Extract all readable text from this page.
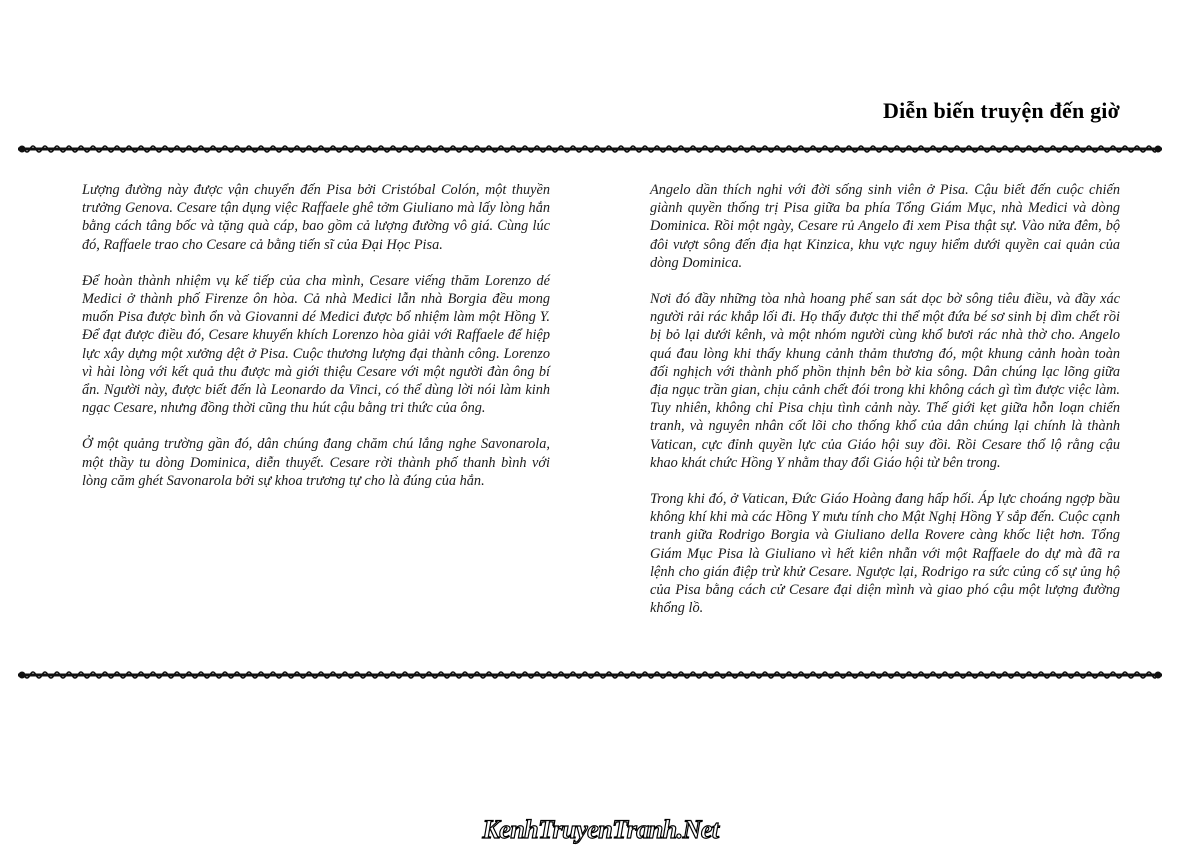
Diễn biến truyện đến giờ

Lượng đường này được vận chuyển đến Pisa bởi Cristóbal Colón, một thuyền trưởng Genova. Cesare tận dụng việc Raffaele ghê tởm Giuliano mà lấy lòng hắn bằng cách tâng bốc và tặng quà cáp, bao gồm cả lượng đường vô giá. Cùng lúc đó, Raffaele trao cho Cesare cả bằng tiến sĩ của Đại Học Pisa.

Để hoàn thành nhiệm vụ kế tiếp của cha mình, Cesare viếng thăm Lorenzo dé Medici ở thành phố Firenze ôn hòa. Cả nhà Medici lẫn nhà Borgia đều mong muốn Pisa được bình ổn và Giovanni dé Medici được bổ nhiệm làm một Hồng Y. Để đạt được điều đó, Cesare khuyến khích Lorenzo hòa giải với Raffaele để hiệp lực xây dựng một xưởng dệt ở Pisa. Cuộc thương lượng đại thành công. Lorenzo vì hài lòng với kết quả thu được mà giới thiệu Cesare với một người đàn ông bí ẩn. Người này, được biết đến là Leonardo da Vinci, có thể dùng lời nói làm kinh ngạc Cesare, nhưng đồng thời cũng thu hút cậu bằng tri thức của ông.

Ở một quảng trường gần đó, dân chúng đang chăm chú lắng nghe Savonarola, một thầy tu dòng Dominica, diễn thuyết. Cesare rời thành phố thanh bình với lòng căm ghét Savonarola bởi sự khoa trương tự cho là đúng của hắn.

Angelo dần thích nghi với đời sống sinh viên ở Pisa. Cậu biết đến cuộc chiến giành quyền thống trị Pisa giữa ba phía Tổng Giám Mục, nhà Medici và dòng Dominica. Rồi một ngày, Cesare rủ Angelo đi xem Pisa thật sự. Vào nửa đêm, bộ đôi vượt sông đến địa hạt Kinzica, khu vực nguy hiểm dưới quyền cai quản của dòng Dominica.

Nơi đó đầy những tòa nhà hoang phế san sát dọc bờ sông tiêu điều, và đầy xác người rải rác khắp lối đi. Họ thấy được thi thể một đứa bé sơ sinh bị dìm chết rồi bị bỏ lại dưới kênh, và một nhóm người cùng khổ bươi rác nhà thờ cho. Angelo quá đau lòng khi thấy khung cảnh thảm thương đó, một khung cảnh hoàn toàn đối nghịch với thành phố phồn thịnh bên bờ kia sông. Dân chúng lạc lõng giữa địa ngục trần gian, chịu cảnh chết đói trong khi không cách gì tìm được việc làm. Tuy nhiên, không chỉ Pisa chịu tình cảnh này. Thế giới kẹt giữa hỗn loạn chiến tranh, và nguyên nhân cốt lõi cho thống khổ của dân chúng lại chính là thành Vatican, cực đỉnh quyền lực của Giáo hội suy đồi. Rồi Cesare thổ lộ rằng cậu khao khát chức Hồng Y nhằm thay đổi Giáo hội từ bên trong.

Trong khi đó, ở Vatican, Đức Giáo Hoàng đang hấp hối. Áp lực choáng ngợp bầu không khí khi mà các Hồng Y mưu tính cho Mật Nghị Hồng Y sắp đến. Cuộc cạnh tranh giữa Rodrigo Borgia và Giuliano della Rovere càng khốc liệt hơn. Tổng Giám Mục Pisa là Giuliano vì hết kiên nhẫn với một Raffaele do dự mà đã ra lệnh cho gián điệp trừ khử Cesare. Ngược lại, Rodrigo ra sức củng cố sự ủng hộ của Pisa bằng cách cử Cesare đại diện mình và giao phó cậu một lượng đường khổng lồ.

KenhTruyenTranh.Net
